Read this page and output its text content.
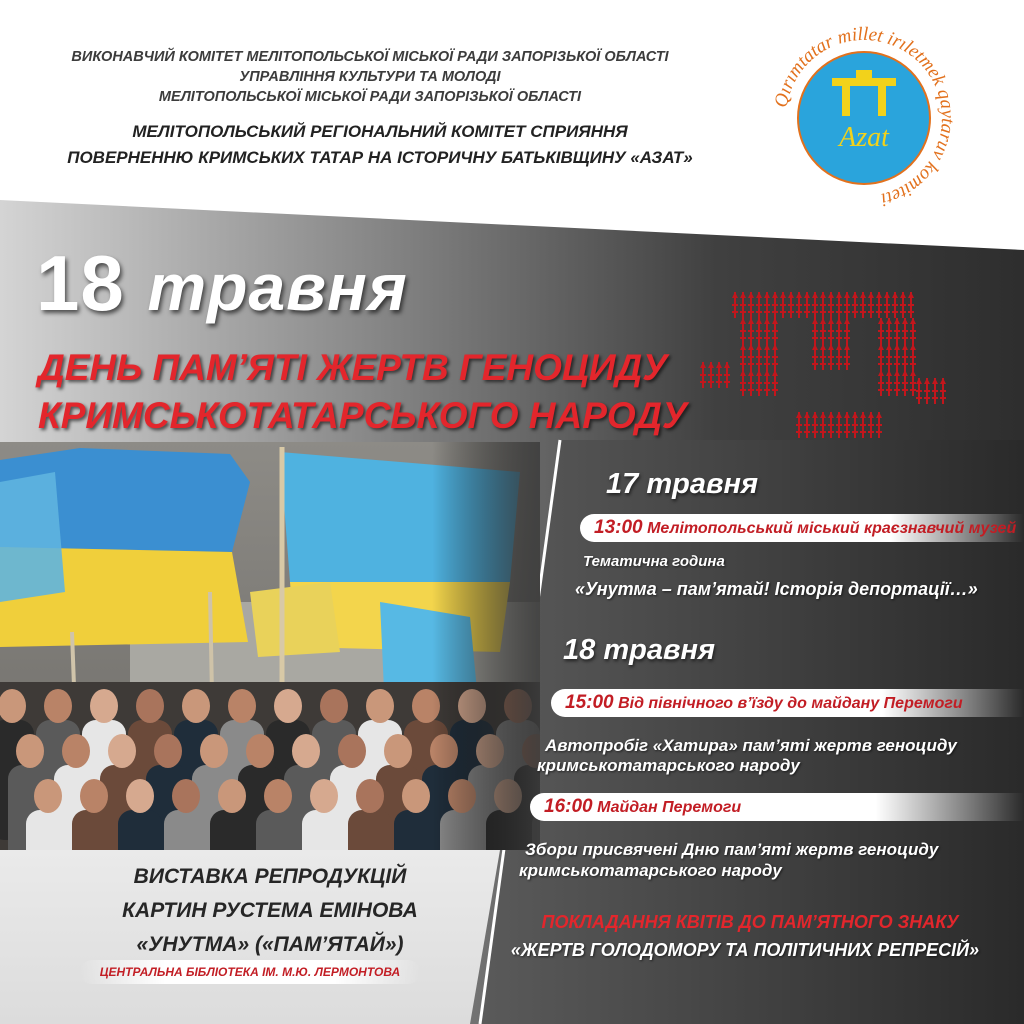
ВИКОНАВЧИЙ КОМІТЕТ МЕЛІТОПОЛЬСЬКОЇ МІСЬКОЇ РАДИ ЗАПОРІЗЬКОЇ ОБЛАСТІ
УПРАВЛІННЯ КУЛЬТУРИ ТА МОЛОДІ
МЕЛІТОПОЛЬСЬКОЇ МІСЬКОЇ РАДИ ЗАПОРІЗЬКОЇ ОБЛАСТІ
МЕЛІТОПОЛЬСЬКИЙ РЕГІОНАЛЬНИЙ КОМІТЕТ СПРИЯННЯ
ПОВЕРНЕННЮ КРИМСЬКИХ ТАТАР НА ІСТОРИЧНУ БАТЬКІВЩИНУ «АЗАТ»
Qırımtatar millet irıletmek qaytaruv komiteti
Azat
18 травня
ДЕНЬ ПАМ’ЯТІ ЖЕРТВ ГЕНОЦИДУ
КРИМСЬКОТАТАРСЬКОГО НАРОДУ
17 травня
13:00 Мелітопольський міський краєзнавчий музей
Тематична година
«Унутма – пам’ятай! Історія депортації…»
18 травня
15:00 Від північного в’їзду до майдану Перемоги
Автопробіг «Хатира» пам’яті жертв геноциду
кримськотатарського народу
16:00 Майдан Перемоги
Збори присвячені Дню пам’яті жертв геноциду
кримськотатарського народу
ПОКЛАДАННЯ КВІТІВ ДО ПАМ’ЯТНОГО ЗНАКУ
«ЖЕРТВ ГОЛОДОМОРУ ТА ПОЛІТИЧНИХ РЕПРЕСІЙ»
ВИСТАВКА РЕПРОДУКЦІЙ
КАРТИН РУСТЕМА ЕМІНОВА
«УНУТМА» («ПАМ’ЯТАЙ»)
ЦЕНТРАЛЬНА БІБЛІОТЕКА ІМ. М.Ю. ЛЕРМОНТОВА
